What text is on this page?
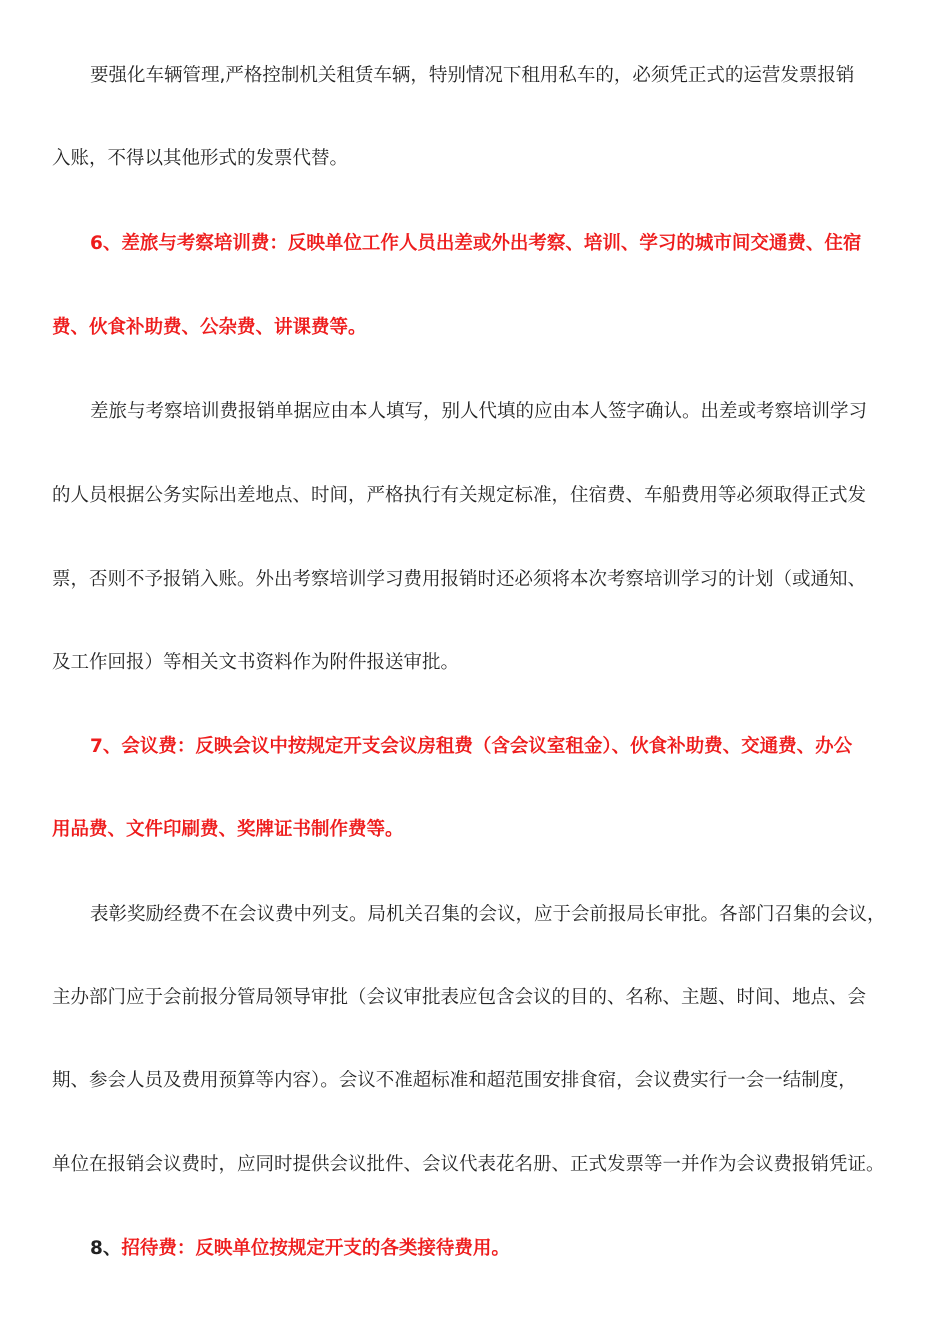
要强化车辆管理,严格控制机关租赁车辆，特别情况下租用私车的，必须凭正式的运营发票报销
入账，不得以其他形式的发票代替。
6、差旅与考察培训费：反映单位工作人员出差或外出考察、培训、学习的城市间交通费、住宿
费、伙食补助费、公杂费、讲课费等。
差旅与考察培训费报销单据应由本人填写，别人代填的应由本人签字确认。出差或考察培训学习
的人员根据公务实际出差地点、时间，严格执行有关规定标准，住宿费、车船费用等必须取得正式发
票，否则不予报销入账。外出考察培训学习费用报销时还必须将本次考察培训学习的计划（或通知、
及工作回报）等相关文书资料作为附件报送审批。
7、会议费：反映会议中按规定开支会议房租费（含会议室租金）、伙食补助费、交通费、办公
用品费、文件印刷费、奖牌证书制作费等。
表彰奖励经费不在会议费中列支。局机关召集的会议，应于会前报局长审批。各部门召集的会议，
主办部门应于会前报分管局领导审批（会议审批表应包含会议的目的、名称、主题、时间、地点、会
期、参会人员及费用预算等内容）。会议不准超标准和超范围安排食宿，会议费实行一会一结制度，
单位在报销会议费时，应同时提供会议批件、会议代表花名册、正式发票等一并作为会议费报销凭证。
8、招待费：反映单位按规定开支的各类接待费用。
